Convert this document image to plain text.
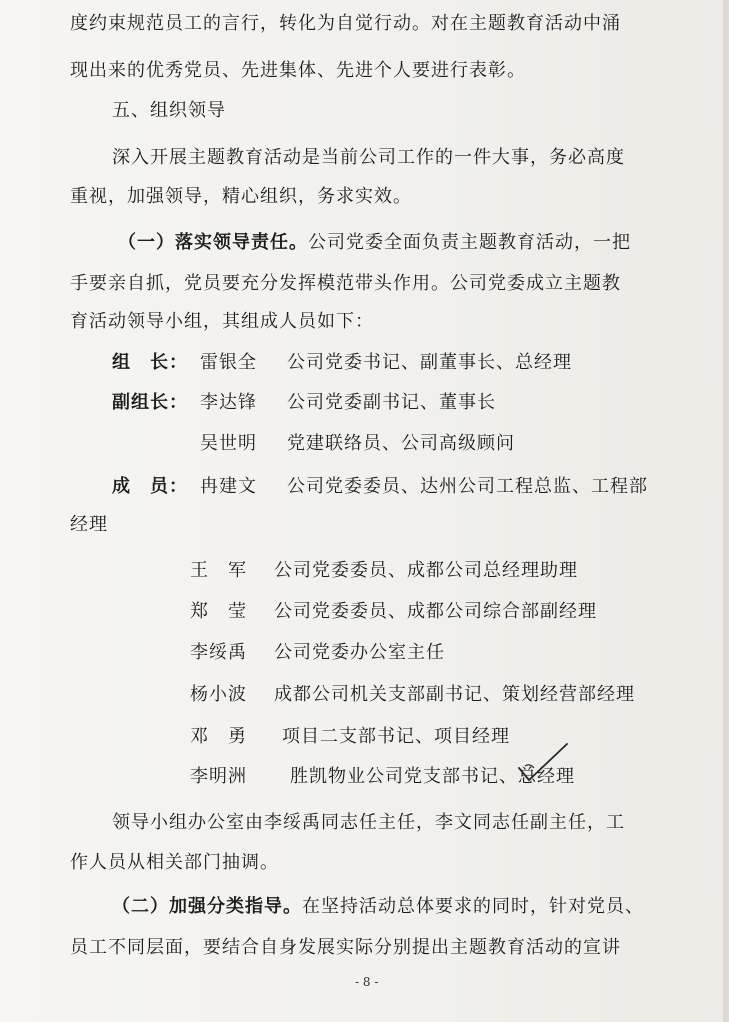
度约束规范员工的言行，转化为自觉行动。对在主题教育活动中涌
现出来的优秀党员、先进集体、先进个人要进行表彰。
五、组织领导
深入开展主题教育活动是当前公司工作的一件大事，务必高度
重视，加强领导，精心组织，务求实效。
（一）落实领导责任。公司党委全面负责主题教育活动，一把
手要亲自抓，党员要充分发挥模范带头作用。公司党委成立主题教
育活动领导小组，其组成人员如下：
组　长： 雷银全 公司党委书记、副董事长、总经理
副组长： 李达锋 公司党委副书记、董事长
吴世明 党建联络员、公司高级顾问
成　员： 冉建文 公司党委委员、达州公司工程总监、工程部
经理
王　军 公司党委委员、成都公司总经理助理
郑　莹 公司党委委员、成都公司综合部副经理
李绥禹 公司党委办公室主任
杨小波 成都公司机关支部副书记、策划经营部经理
邓　勇 项目二支部书记、项目经理
李明洲 胜凯物业公司党支部书记、总经理
领导小组办公室由李绥禹同志任主任，李文同志任副主任，工
作人员从相关部门抽调。
（二）加强分类指导。在坚持活动总体要求的同时，针对党员、
员工不同层面，要结合自身发展实际分别提出主题教育活动的宣讲
- 8 -
